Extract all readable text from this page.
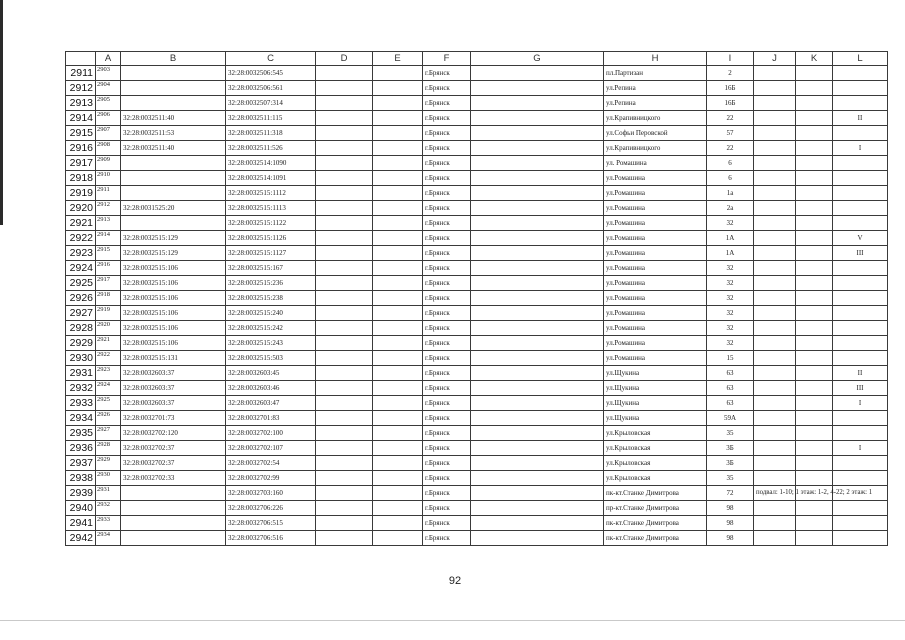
	A	B	C	D	E	F	G	H	I	J	K	L
2911	2903		32:28:0032506:545			г.Брянск		пл.Партизан	2			
2912	2904		32:28:0032506:561			г.Брянск		ул.Репина	16Б			
2913	2905		32:28:0032507:314			г.Брянск		ул.Репина	16Б			
2914	2906	32:28:0032511:40	32:28:0032511:115			г.Брянск		ул.Крапивницкого	22			II
2915	2907	32:28:0032511:53	32:28:0032511:318			г.Брянск		ул.Софьи Перовской	57			
2916	2908	32:28:0032511:40	32:28:0032511:526			г.Брянск		ул.Крапивницкого	22			I
2917	2909		32:28:0032514:1090			г.Брянск		ул. Ромашина	6			
2918	2910		32:28:0032514:1091			г.Брянск		ул.Ромашина	6			
2919	2911		32:28:0032515:1112			г.Брянск		ул.Ромашина	1а			
2920	2912	32:28:0031525:20	32:28:0032515:1113			г.Брянск		ул.Ромашина	2а			
2921	2913		32:28:0032515:1122			г.Брянск		ул.Ромашина	32			
2922	2914	32:28:0032515:129	32:28:0032515:1126			г.Брянск		ул.Ромашина	1А			V
2923	2915	32:28:0032515:129	32:28:0032515:1127			г.Брянск		ул.Ромашина	1А			III
2924	2916	32:28:0032515:106	32:28:0032515:167			г.Брянск		ул.Ромашина	32			
2925	2917	32:28:0032515:106	32:28:0032515:236			г.Брянск		ул.Ромашина	32			
2926	2918	32:28:0032515:106	32:28:0032515:238			г.Брянск		ул.Ромашина	32			
2927	2919	32:28:0032515:106	32:28:0032515:240			г.Брянск		ул.Ромашина	32			
2928	2920	32:28:0032515:106	32:28:0032515:242			г.Брянск		ул.Ромашина	32			
2929	2921	32:28:0032515:106	32:28:0032515:243			г.Брянск		ул.Ромашина	32			
2930	2922	32:28:0032515:131	32:28:0032515:503			г.Брянск		ул.Ромашина	15			
2931	2923	32:28:0032603:37	32:28:0032603:45			г.Брянск		ул.Щукина	63			II
2932	2924	32:28:0032603:37	32:28:0032603:46			г.Брянск		ул.Щукина	63			III
2933	2925	32:28:0032603:37	32:28:0032603:47			г.Брянск		ул.Щукина	63			I
2934	2926	32:28:0032701:73	32:28:0032701:83			г.Брянск		ул.Щукина	59А			
2935	2927	32:28:0032702:120	32:28:0032702:100			г.Брянск		ул.Крыловская	35			
2936	2928	32:28:0032702:37	32:28:0032702:107			г.Брянск		ул.Крыловская	3Б			I
2937	2929	32:28:0032702:37	32:28:0032702:54			г.Брянск		ул.Крыловская	3Б			
2938	2930	32:28:0032702:33	32:28:0032702:99			г.Брянск		ул.Крыловская	35			
2939	2931		32:28:0032703:160			г.Брянск		пк-кт.Станке Димитрова	72	подвал: 1-10; 1 этаж: 1-2, 4-22; 2 этаж: 1		
2940	2932		32:28:0032706:226			г.Брянск		пр-кт.Станке Димитрова	98			
2941	2933		32:28:0032706:515			г.Брянск		пк-кт.Станке Димитрова	98			
2942	2934		32:28:0032706:516			г.Брянск		пк-кт.Станке Димитрова	98			
92
